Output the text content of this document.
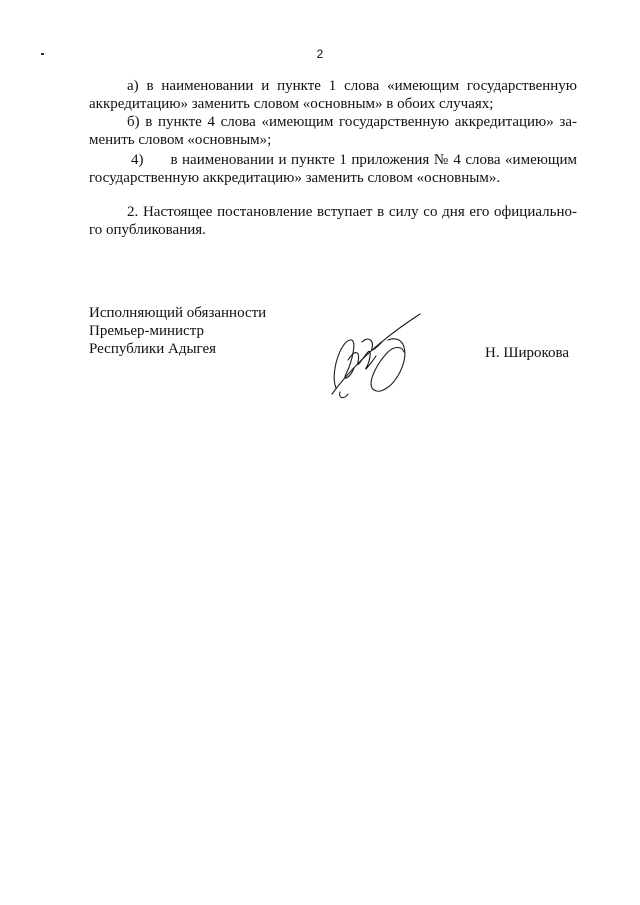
2
а) в наименовании и пункте 1 слова «имеющим государственную
аккредитацию» заменить словом «основным» в обоих случаях;
б) в пункте 4 слова «имеющим государственную аккредитацию» за-
менить словом «основным»;
4)      в наименовании и пункте 1 приложения № 4 слова «имеющим
государственную аккредитацию» заменить словом «основным».
2. Настоящее постановление вступает в силу со дня его официально-
го опубликования.
Исполняющий обязанности
Премьер-министр
Республики Адыгея	Н. Широкова
